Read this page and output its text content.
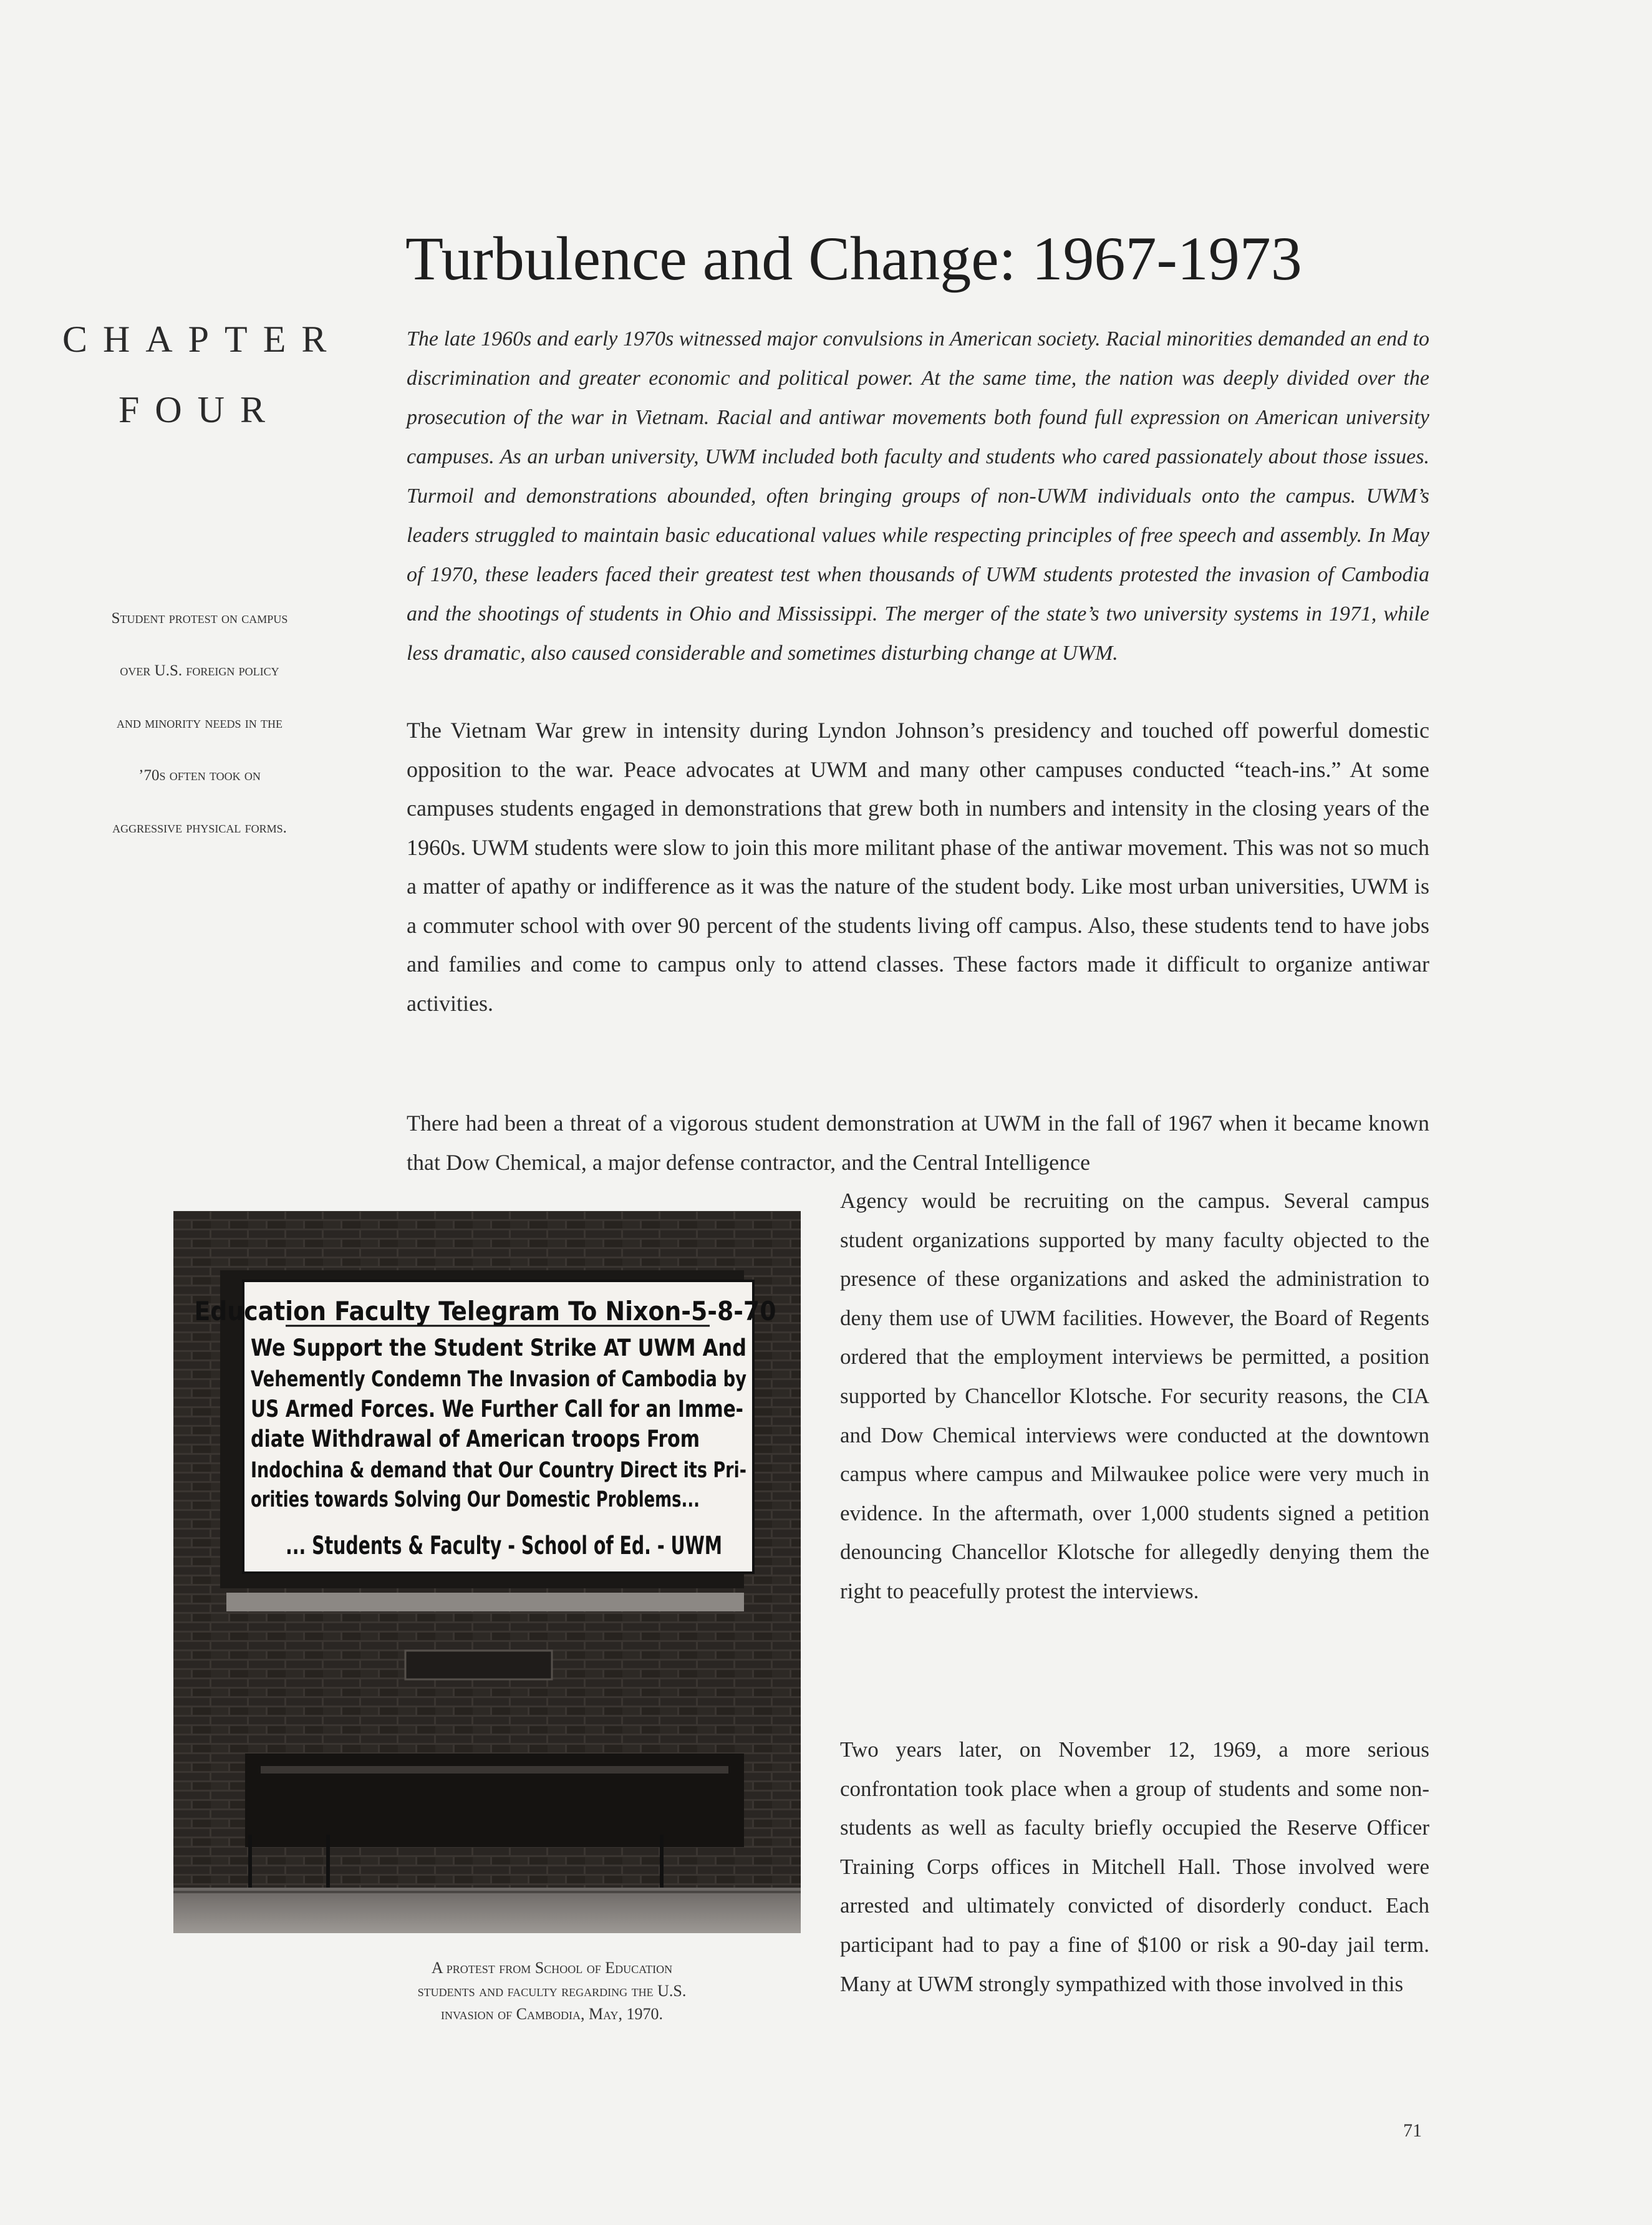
CHAPTER
FOUR

Student protest on campus

over U.S. foreign policy

and minority needs in the

’70s often took on

aggressive physical forms.

Turbulence and Change: 1967-1973

The late 1960s and early 1970s witnessed major convulsions in American society. Racial minorities demanded an end to discrimination and greater economic and political power. At the same time, the nation was deeply divided over the prosecution of the war in Vietnam. Racial and antiwar movements both found full expression on American university campuses. As an urban university, UWM included both faculty and students who cared passionately about those issues. Turmoil and demonstrations abounded, often bringing groups of non-UWM individuals onto the campus. UWM’s leaders struggled to maintain basic educational values while respecting principles of free speech and assembly. In May of 1970, these leaders faced their greatest test when thousands of UWM students protested the invasion of Cambodia and the shootings of students in Ohio and Mississippi. The merger of the state’s two university systems in 1971, while less dramatic, also caused considerable and sometimes disturbing change at UWM.

The Vietnam War grew in intensity during Lyndon Johnson’s presidency and touched off powerful domestic opposition to the war. Peace advocates at UWM and many other campuses conducted “teach-ins.” At some campuses students engaged in demonstrations that grew both in numbers and intensity in the closing years of the 1960s. UWM students were slow to join this more militant phase of the antiwar movement. This was not so much a matter of apathy or indifference as it was the nature of the student body. Like most urban universities, UWM is a commuter school with over 90 percent of the students living off campus. Also, these students tend to have jobs and families and come to campus only to attend classes. These factors made it difficult to organize antiwar activities.

There had been a threat of a vigorous student demonstration at UWM in the fall of 1967 when it became known that Dow Chemical, a major defense contractor, and the Central Intelligence

Agency would be recruiting on the campus. Several campus student organizations supported by many faculty objected to the presence of these organizations and asked the administration to deny them use of UWM facilities. However, the Board of Regents ordered that the employment interviews be permitted, a position supported by Chancellor Klotsche. For security reasons, the CIA and Dow Chemical interviews were conducted at the downtown campus where campus and Milwaukee police were very much in evidence. In the aftermath, over 1,000 students signed a petition denouncing Chancellor Klotsche for allegedly denying them the right to peacefully protest the interviews.

Two years later, on November 12, 1969, a more serious confrontation took place when a group of students and some non-students as well as faculty briefly occupied the Reserve Officer Training Corps offices in Mitchell Hall. Those involved were arrested and ultimately convicted of disorderly conduct. Each participant had to pay a fine of $100 or risk a 90-day jail term. Many at UWM strongly sympathized with those involved in this

Education Faculty Telegram To Nixon-5-8-70
We Support the Student Strike AT UWM And
Vehemently Condemn The Invasion of Cambodia by
US Armed Forces. We Further Call for an Imme-
diate Withdrawal of American troops From
Indochina & demand that Our Country Direct its Pri-
orities towards Solving Our Domestic Problems...
... Students & Faculty - School of Ed. - UWM

A protest from School of Education

students and faculty regarding the U.S.

invasion of Cambodia, May, 1970.

71
